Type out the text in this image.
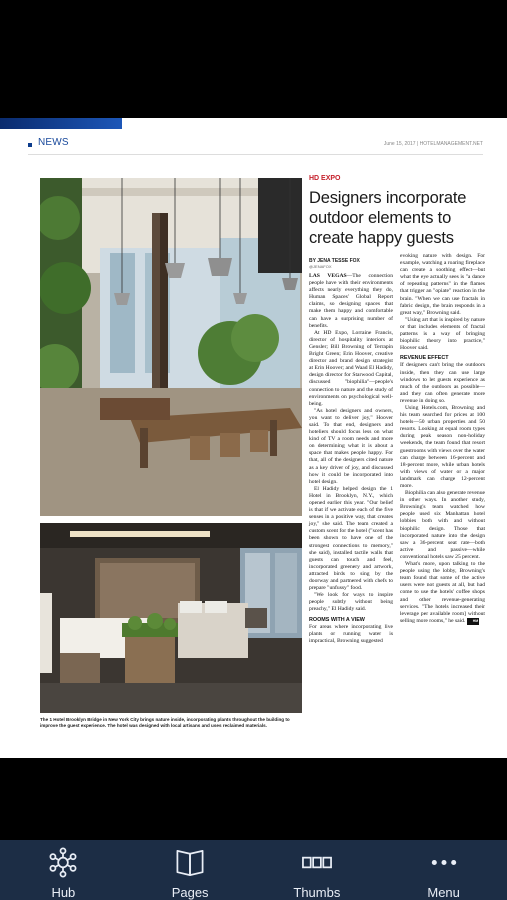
NEWS	June 15, 2017 | HOTELMANAGEMENT.NET
The 1 Hotel Brooklyn Bridge in New York City brings nature inside, incorporating plants throughout the building to improve the guest experience. The hotel was designed with local artisans and uses reclaimed materials.
HD EXPO
Designers incorporate outdoor elements to create happy guests
BY JENA TESSE FOX
@JENAFOX

LAS VEGAS—The connection people have with their environments affects nearly everything they do, Human Spaces' Global Report claims, so designing spaces that make them happy and comfortable can have a surprising number of benefits.

At HD Expo, Lorraine Francis, director of hospitality interiors at Gensler; Bill Browning of Terrapin Bright Green; Erin Hoover, creative director and brand design strategist at Erin Hoover; and Waad El Hadidy, design director for Starwood Capital, discussed "biophilia"—people's connection to nature and the study of environments on psychological well-being.

"As hotel designers and owners, you want to deliver joy," Hoover said. To that end, designers and hoteliers should focus less on what kind of TV a room needs and more on determining what it is about a space that makes people happy. For that, all of the designers cited nature as a key driver of joy, and discussed how it could be incorporated into hotel design.

El Hadidy helped design the 1 Hotel in Brooklyn, N.Y., which opened earlier this year. "Our belief is that if we activate each of the five senses in a positive way, that creates joy," she said. The team created a custom scent for the hotel ("scent has been shown to have one of the strongest connections to memory," she said), installed tactile walls that guests can touch and feel, incorporated greenery and artwork, attracted birds to sing by the doorway and partnered with chefs to prepare "unfussy" food.

"We look for ways to inspire people subtly without being preachy," El Hadidy said.

ROOMS WITH A VIEW

For areas where incorporating live plants or running water is impractical, Browning suggested

evoking nature with design. For example, watching a roaring fireplace can create a soothing effect—but what the eye actually sees is "a dance of repeating patterns" in the flames that trigger an "opiate" reaction in the brain. "When we can use fractals in fabric design, the brain responds in a great way," Browning said.

"Using art that is inspired by nature or that includes elements of fractal patterns is a way of bringing biophilic theory into practice," Hoover said.

REVENUE EFFECT

If designers can't bring the outdoors inside, then they can use large windows to let guests experience as much of the outdoors as possible—and they can often generate more revenue in doing so.

Using Hotels.com, Browning and his team searched for prices at 100 hotels—50 urban properties and 50 resorts. Looking at equal room types during peak season non-holiday weekends, the team found that resort guestrooms with views over the water can charge between 16-percent and 18-percent more, while urban hotels with views of water or a major landmark can charge 12-percent more.

Biophilia can also generate revenue in other ways. In another study, Browning's team watched how people used six Manhattan hotel lobbies both with and without biophilic design. Those that incorporated nature into the design saw a 36-percent seat rate—both active and passive—while conventional hotels saw 25 percent.

What's more, upon talking to the people using the lobby, Browning's team found that some of the active users were not guests at all, but had come to use the hotels' coffee shops and other revenue-generating services. "The hotels increased their leverage per available room] without selling more rooms," he said. HM

Hub	Pages	Thumbs	Menu
